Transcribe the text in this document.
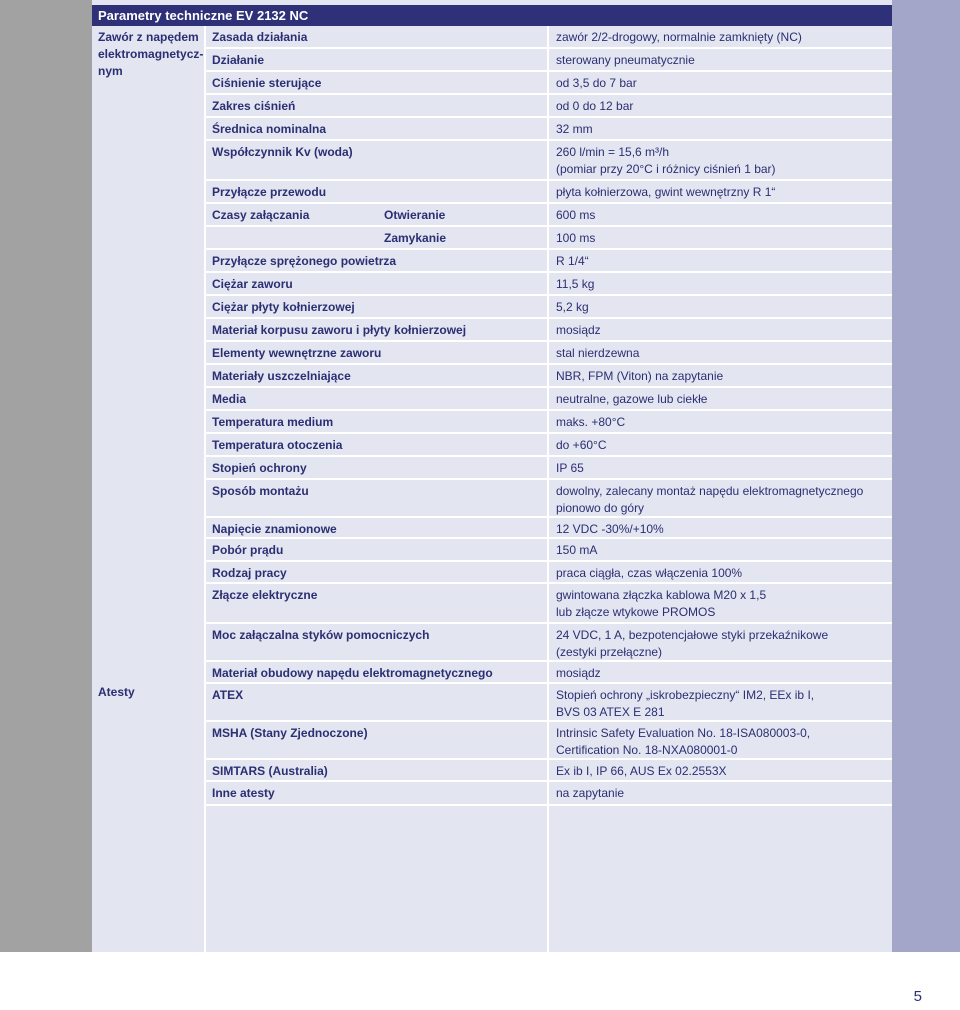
Parametry techniczne EV 2132 NC
Zawór z napędem elektromagnetycz-nym
Atesty
Zasada działania	zawór 2/2-drogowy, normalnie zamknięty (NC)
Działanie	sterowany pneumatycznie
Ciśnienie sterujące	od 3,5 do 7 bar
Zakres ciśnień	od 0 do 12 bar
Średnica nominalna	32 mm
Współczynnik Kv (woda)	260 l/min = 15,6 m³/h
(pomiar przy 20°C i różnicy ciśnień 1 bar)
Przyłącze przewodu	płyta kołnierzowa, gwint wewnętrzny R 1“
Czasy załączania	Otwieranie	600 ms
Zamykanie	100 ms
Przyłącze sprężonego powietrza	R 1/4“
Ciężar zaworu	11,5 kg
Ciężar płyty kołnierzowej	5,2 kg
Materiał korpusu zaworu i płyty kołnierzowej	mosiądz
Elementy wewnętrzne zaworu	stal nierdzewna
Materiały uszczelniające	NBR, FPM (Viton) na zapytanie
Media	neutralne, gazowe lub ciekłe
Temperatura medium	maks. +80°C
Temperatura otoczenia	do +60°C
Stopień ochrony	IP 65
Sposób montażu	dowolny, zalecany montaż napędu elektromagnetycznego pionowo do góry
Napięcie znamionowe	12 VDC -30%/+10%
Pobór prądu	150 mA
Rodzaj pracy	praca ciągła, czas włączenia 100%
Złącze elektryczne	gwintowana złączka kablowa M20 x 1,5
lub złącze wtykowe PROMOS
Moc załączalna styków pomocniczych	24 VDC, 1 A, bezpotencjałowe styki przekaźnikowe
(zestyki przełączne)
Materiał obudowy napędu elektromagnetycznego	mosiądz
ATEX	Stopień ochrony „iskrobezpieczny“ IM2, EEx ib I,
BVS 03 ATEX E 281
MSHA (Stany Zjednoczone)	Intrinsic Safety Evaluation No. 18-ISA080003-0,
Certification No. 18-NXA080001-0
SIMTARS (Australia)	Ex ib I, IP 66, AUS Ex 02.2553X
Inne atesty	na zapytanie
5
